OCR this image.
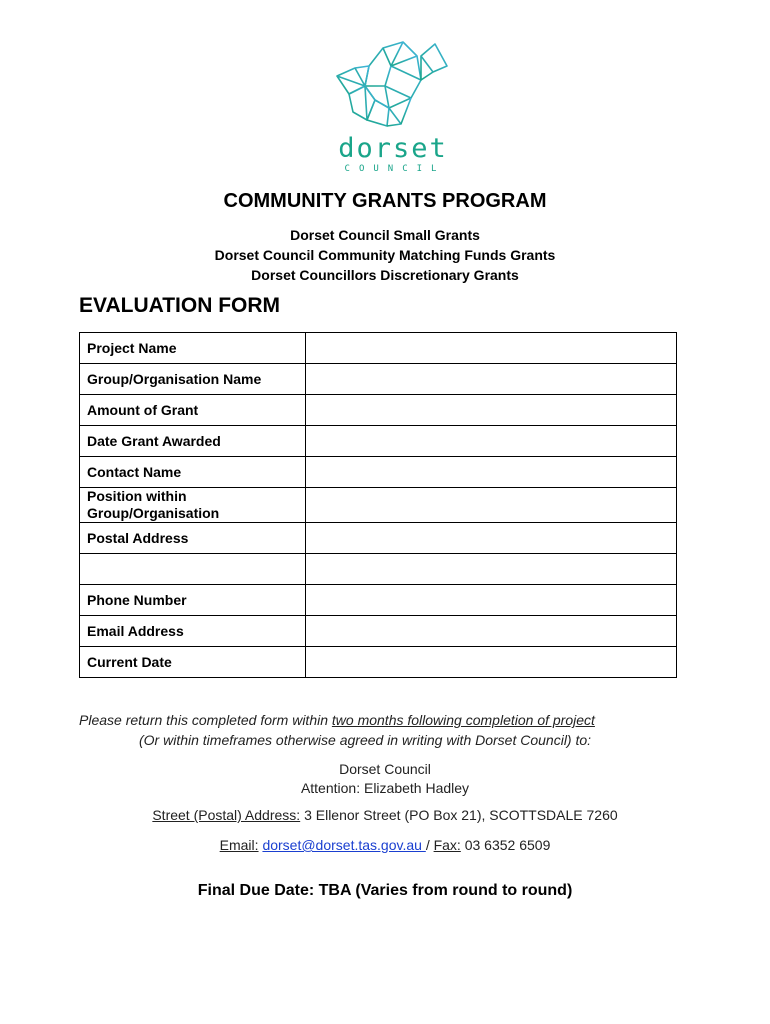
dorset
COUNCIL
COMMUNITY GRANTS PROGRAM
Dorset Council Small Grants
Dorset Council Community Matching Funds Grants
Dorset Councillors Discretionary Grants
EVALUATION FORM
Project Name	
Group/Organisation Name	
Amount of Grant	
Date Grant Awarded	
Contact Name	

Position within
Group/Organisation	

Postal Address	

Phone Number	
Email Address	
Current Date	
Please return this completed form within two months following completion of project
(Or within timeframes otherwise agreed in writing with Dorset Council) to:
Dorset Council
Attention: Elizabeth Hadley
Street (Postal) Address: 3 Ellenor Street (PO Box 21), SCOTTSDALE 7260
Email: dorset@dorset.tas.gov.au / Fax: 03 6352 6509
Final Due Date: TBA (Varies from round to round)
